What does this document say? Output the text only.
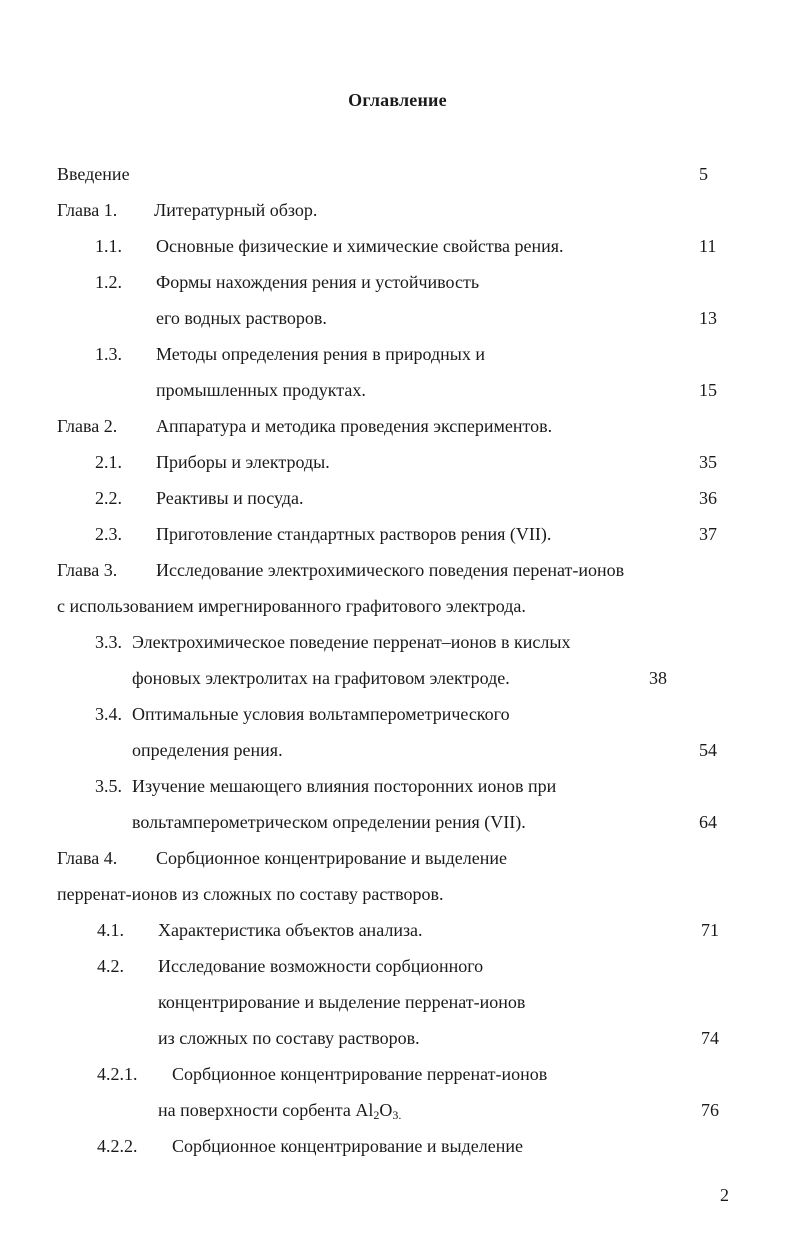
Оглавление
Введение	5
Глава 1. Литературный обзор.
1.1. Основные физические и химические свойства рения.	11
1.2. Формы нахождения рения и устойчивость
его водных растворов.	13
1.3. Методы определения рения в природных и
промышленных продуктах.	15
Глава 2. Аппаратура и методика проведения экспериментов.
2.1. Приборы и электроды.	35
2.2. Реактивы и посуда.	36
2.3. Приготовление стандартных растворов рения (VII).	37
Глава 3. Исследование электрохимического поведения перенат-ионов
с использованием имрегнированного графитового электрода.
3.3. Электрохимическое поведение перренат–ионов в кислых
фоновых электролитах на графитовом электроде.	38
3.4. Оптимальные условия вольтамперометрического
определения рения.	54
3.5. Изучение мешающего влияния посторонних ионов при
вольтамперометрическом определении рения (VII).	64
Глава 4. Сорбционное концентрирование и выделение
перренат-ионов из сложных по составу растворов.
4.1. Характеристика объектов анализа.	71
4.2. Исследование возможности сорбционного
концентрирование и выделение перренат-ионов
из сложных по составу растворов.	74
4.2.1. Сорбционное концентрирование перренат-ионов
на поверхности сорбента $Al_2O_{3.}$	76
4.2.2. Сорбционное концентрирование и выделение
2
